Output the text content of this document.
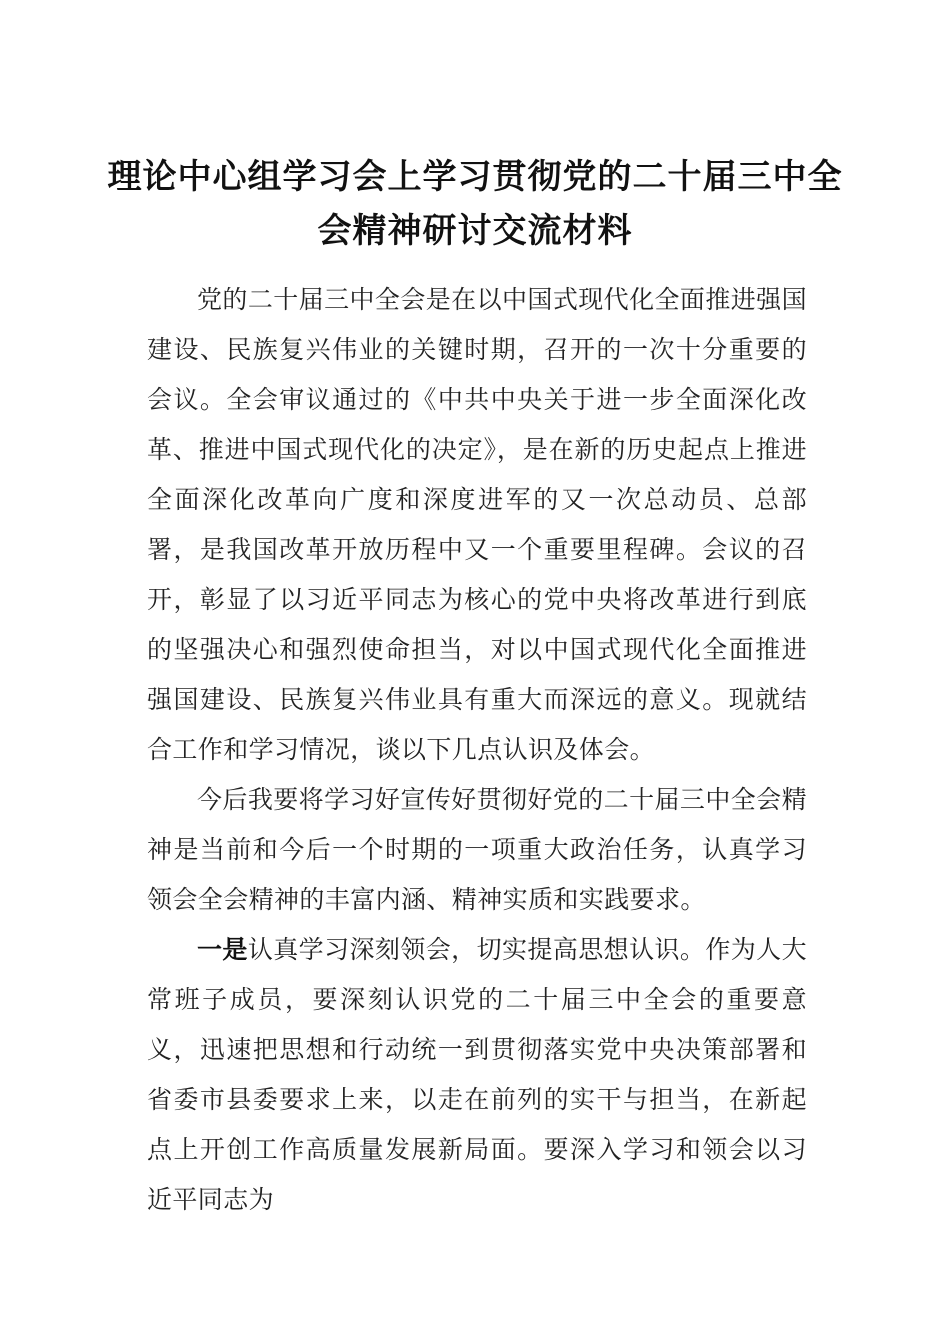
理论中心组学习会上学习贯彻党的二十届三中全会精神研讨交流材料

党的二十届三中全会是在以中国式现代化全面推进强国建设、民族复兴伟业的关键时期，召开的一次十分重要的会议。全会审议通过的《中共中央关于进一步全面深化改革、推进中国式现代化的决定》，是在新的历史起点上推进全面深化改革向广度和深度进军的又一次总动员、总部署，是我国改革开放历程中又一个重要里程碑。会议的召开，彰显了以习近平同志为核心的党中央将改革进行到底的坚强决心和强烈使命担当，对以中国式现代化全面推进强国建设、民族复兴伟业具有重大而深远的意义。现就结合工作和学习情况，谈以下几点认识及体会。

今后我要将学习好宣传好贯彻好党的二十届三中全会精神是当前和今后一个时期的一项重大政治任务，认真学习领会全会精神的丰富内涵、精神实质和实践要求。

一是认真学习深刻领会，切实提高思想认识。作为人大常班子成员，要深刻认识党的二十届三中全会的重要意义，迅速把思想和行动统一到贯彻落实党中央决策部署和省委市县委要求上来，以走在前列的实干与担当，在新起点上开创工作高质量发展新局面。要深入学习和领会以习近平同志为
